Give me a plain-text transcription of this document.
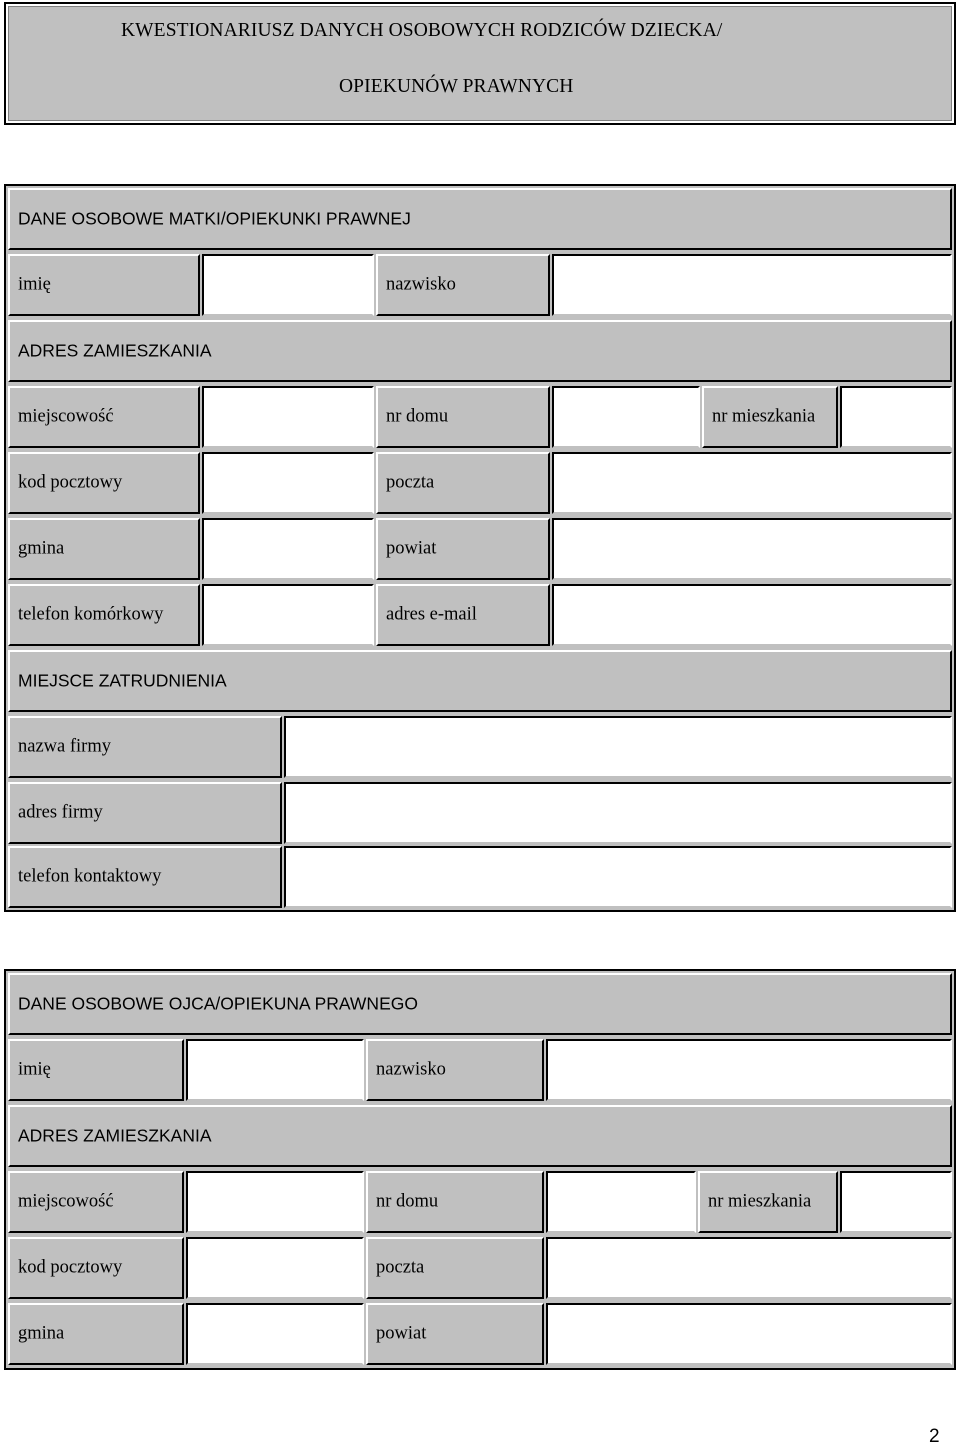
KWESTIONARIUSZ DANYCH OSOBOWYCH RODZICÓW DZIECKA/
OPIEKUNÓW PRAWNYCH
DANE OSOBOWE MATKI/OPIEKUNKI PRAWNEJ
imię	nazwisko
ADRES ZAMIESZKANIA
miejscowość	nr domu	nr mieszkania
kod pocztowy	poczta
gmina	powiat
telefon komórkowy	adres e-mail
MIEJSCE ZATRUDNIENIA
nazwa firmy
adres firmy
telefon kontaktowy
DANE OSOBOWE OJCA/OPIEKUNA PRAWNEGO
imię	nazwisko
ADRES ZAMIESZKANIA
miejscowość	nr domu	nr mieszkania
kod pocztowy	poczta
gmina	powiat
2
